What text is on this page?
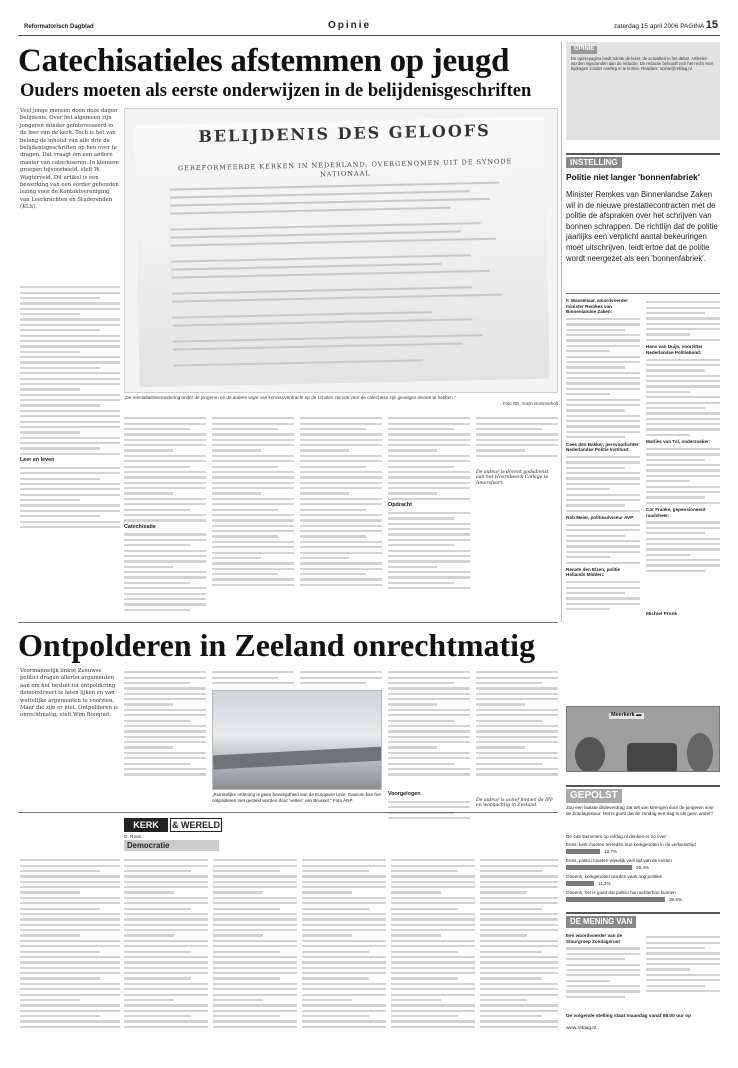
Reformatorisch Dagblad	Opinie	zaterdag 15 april 2006 PAGINA 15
Catechisatieles afstemmen op jeugd
Ouders moeten als eerste onderwijzen in de belijdenisgeschriften

Veel jonge mensen doen deze dagen belijdenis. Over het algemeen zijn jongeren minder geïnteresseerd in de leer van de kerk. Toch is het van belang de inhoud van alle drie de belijdenisgeschriften op hen over te dragen. Dat vraagt om een andere manier van catechiseren. In kleinere groepen bijvoorbeeld, stelt W. Wagterveld. Dit artikel is een bewerking van een eerder gehouden lezing voor de Kontaktvereniging van Leerkrachten en Studerenden (KLS).

BELIJDENIS DES GELOOFS
GEREFORMEERDE KERKEN IN NEDERLAND, OVERGENOMEN UIT DE SYNODE NATIONAAL

„De mentaliteitsverandering onder de jongeren en de andere wijze van kennisoverdracht op de scholen zal ook voor de catechese zijn gevolgen dienen te hebben."

Foto RD, Anton Dommerholt

Leer en leven
Catechisatie
Opdracht

De auteur is docent godsdienst aan het Hoornbeeck College te Amersfoort.

OPINIE

De opiniepagina biedt ruimte de lezer, de actualiteit in het debat. Artikelen worden ingezonden aan de redactie. De redactie behoudt zich het recht voor bijdragen zonder overleg in te korten. Reacties: opinie@refdag.nl

INSTELLING
Politie niet langer 'bonnenfabriek'

Minister Remkes van Binnenlandse Zaken wil in de nieuwe prestatiecontracten met de politie de afspraken over het schrijven van bonnen schrappen. De richtlijn dat de politie jaarlijks een verplicht aantal bekeuringen moet uitschrijven, leidt ertoe dat de politie wordt neergezet als een 'bonnenfabriek'.

F. Wassenaar, woordvoerder minister Remkes van Binnenlandse Zaken:
Cees den Bakker, persvoorlichter Nederlandse Politie Instituut:
Rob Meier, politieadviseur AVP:
Renate den Elzen, politie Hollands Midden:
Hans van Duijn, voorzitter Nederlandse Politiebond:
Marlies van Tol, onderzoeker:
Cor Franke, gepensioneerd raadsheer:
Michiel Pronk
Ontpolderen in Zeeland onrechtmatig

Voormannelijk linkse Zeeuwse politici dragen allerlei argumenten aan om het besluit tot ontpoldering demonstreert te laten lijken en van wettelijke argumenten te voorzien. Maar die zijn er niet. Ontpolderen is onrechtmatig, stelt Wim Bouquet.

„Ruimtelijke ordening is geen bevoegdheid van de Europese Unie. Daarom kan het ontpolderen niet gesteld worden door 'vetten' van Brussel." Foto ANP

Voorgelogen

De auteur is actief binnen de IPF en woonachtig in Zeeland.

KERK	& WERELD
G. Roos
Democratie
Meerkerk ▬
GEPOLST

Zou een laatste dirdeverdrag dat telt van strengen door de jongeren voor de Zondagsstuur. Het is goed dat de zondag een dag is als geen ander?

De 445 stemmers op refdag.nl denken er zo over:

Eens, kerk moeten tevreden hun kerkgenoten in de verkiesstrijd
13,7%
Eens, politici moeten wijselijk veel tijd van de kosten
26,4%
Oneens, kerkgenoten worden vaak nog politiek
11,2%
Oneens, het is goed dat politici hun achterban kunnen
39,6%
DE MENING VAN
Een woordvoerder van de Stuurgroep Zondagsrust

De volgende stelling staat maandag vanaf 08.00 uur op

www.refdag.nl.
